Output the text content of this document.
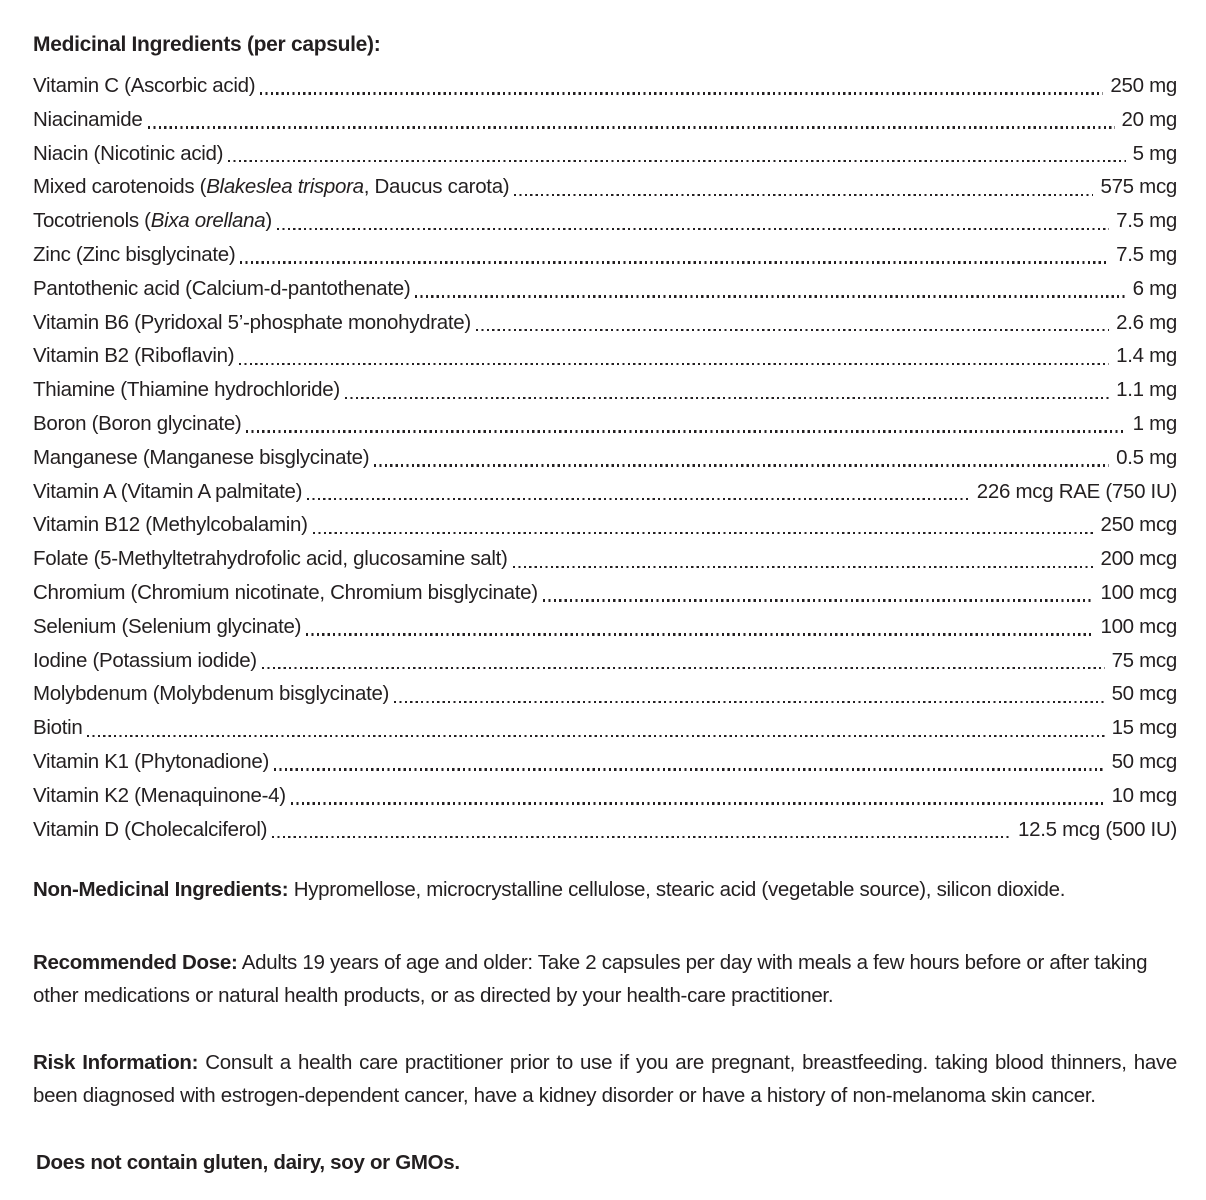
Medicinal Ingredients (per capsule):
Vitamin C (Ascorbic acid)	250 mg
Niacinamide	20 mg
Niacin (Nicotinic acid)	5 mg
Mixed carotenoids (Blakeslea trispora, Daucus carota)	575 mcg
Tocotrienols (Bixa orellana)	7.5 mg
Zinc (Zinc bisglycinate)	7.5 mg
Pantothenic acid (Calcium-d-pantothenate)	6 mg
Vitamin B6 (Pyridoxal 5’-phosphate monohydrate)	2.6 mg
Vitamin B2 (Riboflavin)	1.4 mg
Thiamine (Thiamine hydrochloride)	1.1 mg
Boron (Boron glycinate)	1 mg
Manganese (Manganese bisglycinate)	0.5 mg
Vitamin A (Vitamin A palmitate)	226 mcg RAE (750 IU)
Vitamin B12 (Methylcobalamin)	250 mcg
Folate (5-Methyltetrahydrofolic acid, glucosamine salt)	200 mcg
Chromium (Chromium nicotinate, Chromium bisglycinate)	100 mcg
Selenium (Selenium glycinate)	100 mcg
Iodine (Potassium iodide)	75 mcg
Molybdenum (Molybdenum bisglycinate)	50 mcg
Biotin	15 mcg
Vitamin K1 (Phytonadione)	50 mcg
Vitamin K2 (Menaquinone-4)	10 mcg
Vitamin D (Cholecalciferol)	12.5 mcg (500 IU)

Non-Medicinal Ingredients: Hypromellose, microcrystalline cellulose, stearic acid (vegetable source), silicon dioxide.

Recommended Dose: Adults 19 years of age and older: Take 2 capsules per day with meals a few hours before or after taking other medications or natural health products, or as directed by your health-care practitioner.

Risk Information: Consult a health care practitioner prior to use if you are pregnant, breastfeeding. taking blood thinners, have been diagnosed with estrogen-dependent cancer, have a kidney disorder or have a history of non-melanoma skin cancer.

Does not contain gluten, dairy, soy or GMOs.
